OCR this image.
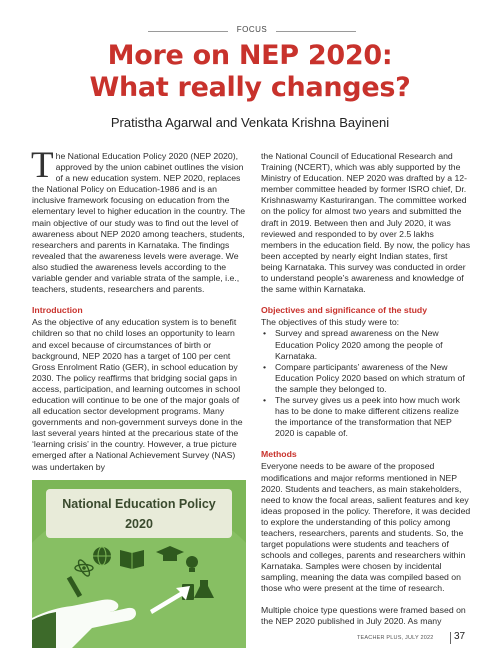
FOCUS
More on NEP 2020:
What really changes?
Pratistha Agarwal and Venkata Krishna Bayineni

The National Education Policy 2020 (NEP 2020), approved by the union cabinet outlines the vision of a new education system. NEP 2020, replaces the National Policy on Education-1986 and is an inclusive framework focusing on education from the elementary level to higher education in the country. The main objective of our study was to find out the level of awareness about NEP 2020 among teachers, students, researchers and parents in Karnataka. The findings revealed that the awareness levels were average. We also studied the awareness levels according to the variable gender and variable strata of the sample, i.e., teachers, students, researchers and parents.

Introduction

As the objective of any education system is to benefit children so that no child loses an opportunity to learn and excel because of circumstances of birth or background, NEP 2020 has a target of 100 per cent Gross Enrolment Ratio (GER), in school education by 2030. The policy reaffirms that bridging social gaps in access, participation, and learning outcomes in school education will continue to be one of the major goals of all education sector development programs. Many governments and non-government surveys done in the last several years hinted at the precarious state of the ‘learning crisis’ in the country. However, a true picture emerged after a National Achievement Survey (NAS) was undertaken by

National Education Policy
2020

the National Council of Educational Research and Training (NCERT), which was ably supported by the Ministry of Education. NEP 2020 was drafted by a 12-member committee headed by former ISRO chief, Dr. Krishnaswamy Kasturirangan. The committee worked on the policy for almost two years and submitted the draft in 2019. Between then and July 2020, it was reviewed and responded to by over 2.5 lakhs members in the education field. By now, the policy has been accepted by nearly eight Indian states, first being Karnataka. This survey was conducted in order to understand people’s awareness and knowledge of the same within Karnataka.

Objectives and significance of the study
The objectives of this study were to:
• Survey and spread awareness on the New Education Policy 2020 among the people of Karnataka.
• Compare participants’ awareness of the New Education Policy 2020 based on which stratum of the sample they belonged to.
• The survey gives us a peek into how much work has to be done to make different citizens realize the importance of the transformation that NEP 2020 is capable of.
Methods

Everyone needs to be aware of the proposed modifications and major reforms mentioned in NEP 2020. Students and teachers, as main stakeholders, need to know the focal areas, salient features and key ideas proposed in the policy. Therefore, it was decided to explore the understanding of this policy among teachers, researchers, parents and students. So, the target populations were students and teachers of schools and colleges, parents and researchers within Karnataka. Samples were chosen by incidental sampling, meaning the data was compiled based on those who were present at the time of research.

Multiple choice type questions were framed based on the NEP 2020 published in July 2020. As many

TEACHER PLUS, JULY 2022 37
